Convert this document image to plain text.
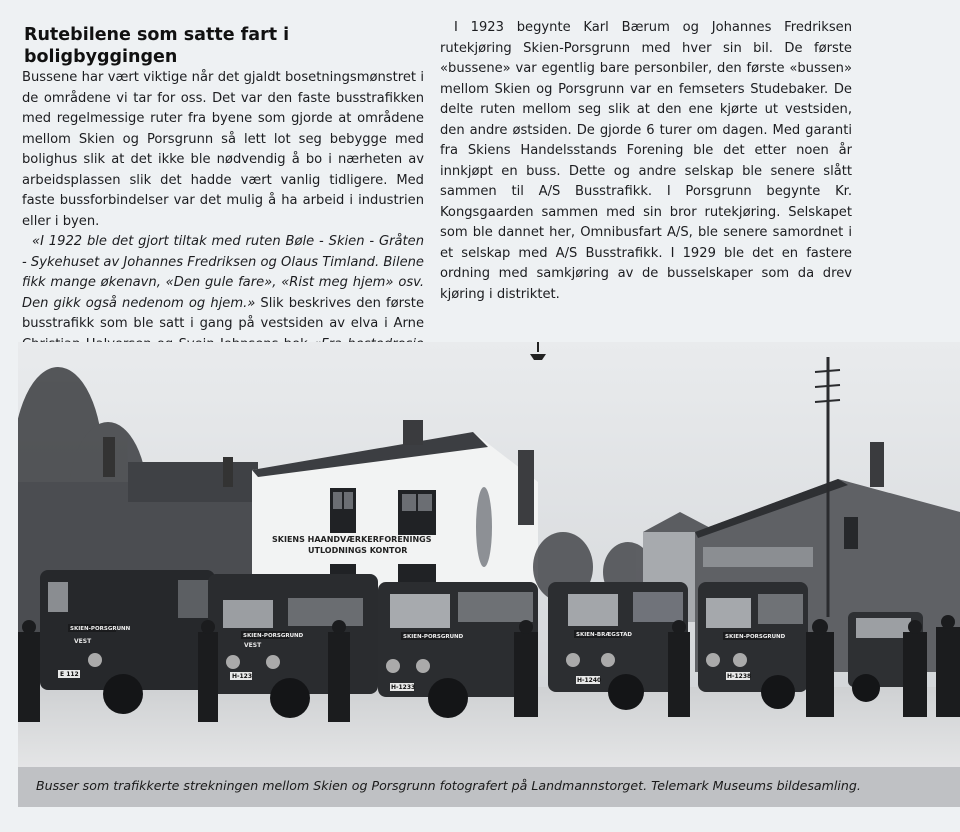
Rutebilene som satte fart i boligbyggingen

Bussene har vært viktige når det gjaldt bosetningsmønstret i de områdene vi tar for oss. Det var den faste busstrafikken med regelmessige ruter fra byene som gjorde at områdene mellom Skien og Porsgrunn så lett lot seg bebygge med bolighus slik at det ikke ble nødvendig å bo i nærheten av arbeidsplassen slik det hadde vært vanlig tidligere. Med faste bussforbindelser var det mulig å ha arbeid i industrien eller i byen.

«I 1922 ble det gjort tiltak med ruten Bøle - Skien - Gråten - Sykehuset av Johannes Fredriksen og Olaus Timland. Bilene fikk mange økenavn, «Den gule fare», «Rist meg hjem» osv. Den gikk også nedenom og hjem.» Slik beskrives den første busstrafikk som ble satt i gang på vestsiden av elva i Arne

I 1923 begynte Karl Bærum og Johannes Fredriksen rutekjøring Skien-Porsgrunn med hver sin bil. De første «bussene» var egentlig bare personbiler, den første «bussen» mellom Skien og Porsgrunn var en femseters Studebaker. De delte ruten mellom seg slik at den ene kjørte ut vestsiden, den andre østsiden. De gjorde 6 turer om dagen. Med garanti fra Skiens Handelsstands Forening ble det etter noen år innkjøpt en buss. Dette og andre selskap ble senere slått sammen til A/S Busstrafikk. I Porsgrunn begynte Kr. Kongsgaarden sammen med sin bror rutekjøring. Selskapet som ble dannet her, Omnibusfart A/S, ble senere samordnet i et selskap med A/S Busstrafikk. I 1929 ble det en fastere ordning med samkjøring av de busselskaper som da drev kjøring i distriktet.

SKIENS HAANDVÆRKERFORENINGS
UTLODNINGS KONTOR
SKIEN-PORSGRUNN
SKIEN-PORSGRUND	SKIEN-PORSGRUND	SKIEN-BRÆGSTAD	SKIEN-PORSGRUND
VEST
VEST
E 112	H-123
H-1233
H-1240
H-1238
Busser som trafikkerte strekningen mellom Skien og Porsgrunn fotografert på Landmannstorget. Telemark Museums bildesamling.
